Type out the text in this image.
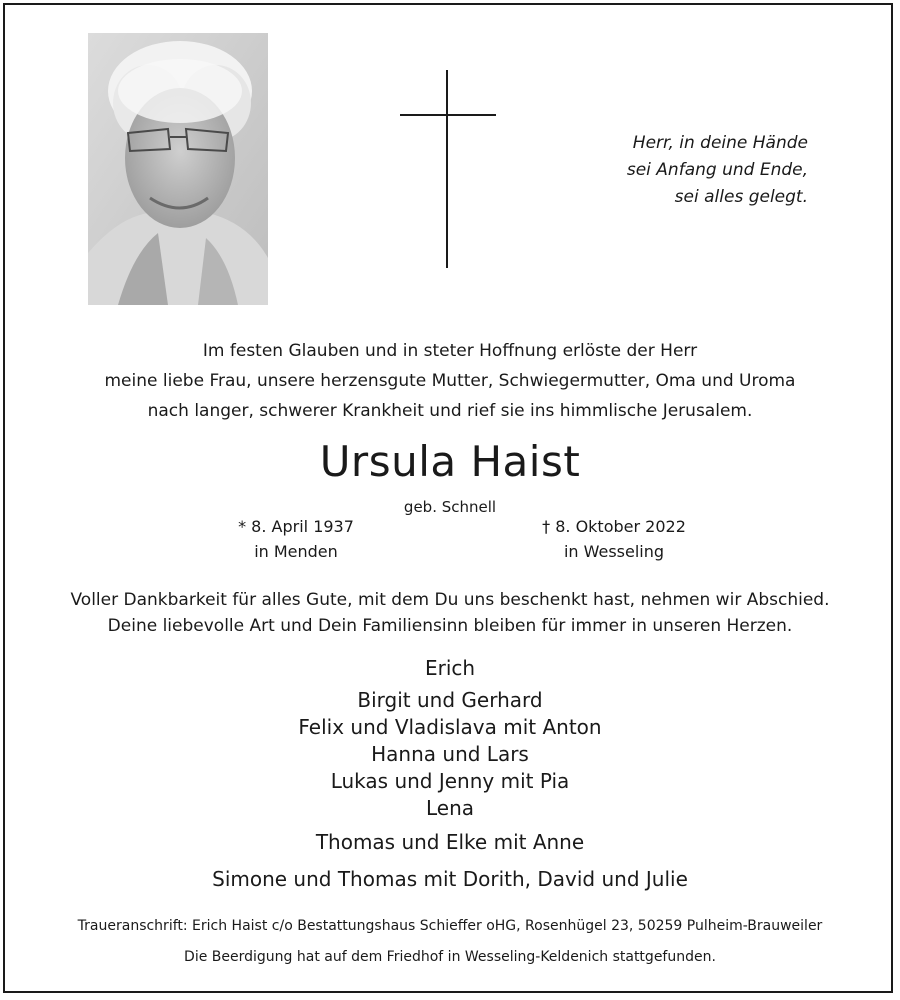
Herr, in deine Hände
sei Anfang und Ende,
sei alles gelegt.
Im festen Glauben und in steter Hoffnung erlöste der Herr
meine liebe Frau, unsere herzensgute Mutter, Schwiegermutter, Oma und Uroma
nach langer, schwerer Krankheit und rief sie ins himmlische Jerusalem.
Ursula Haist
geb. Schnell
* 8. April 1937
in Menden
† 8. Oktober 2022
in Wesseling
Voller Dankbarkeit für alles Gute, mit dem Du uns beschenkt hast, nehmen wir Abschied.
Deine liebevolle Art und Dein Familiensinn bleiben für immer in unseren Herzen.
Erich
Birgit und Gerhard
Felix und Vladislava mit Anton
Hanna und Lars
Lukas und Jenny mit Pia
Lena
Thomas und Elke mit Anne
Simone und Thomas mit Dorith, David und Julie
Traueranschrift: Erich Haist c/o Bestattungshaus Schieffer oHG, Rosenhügel 23, 50259 Pulheim-Brauweiler
Die Beerdigung hat auf dem Friedhof in Wesseling-Keldenich stattgefunden.
